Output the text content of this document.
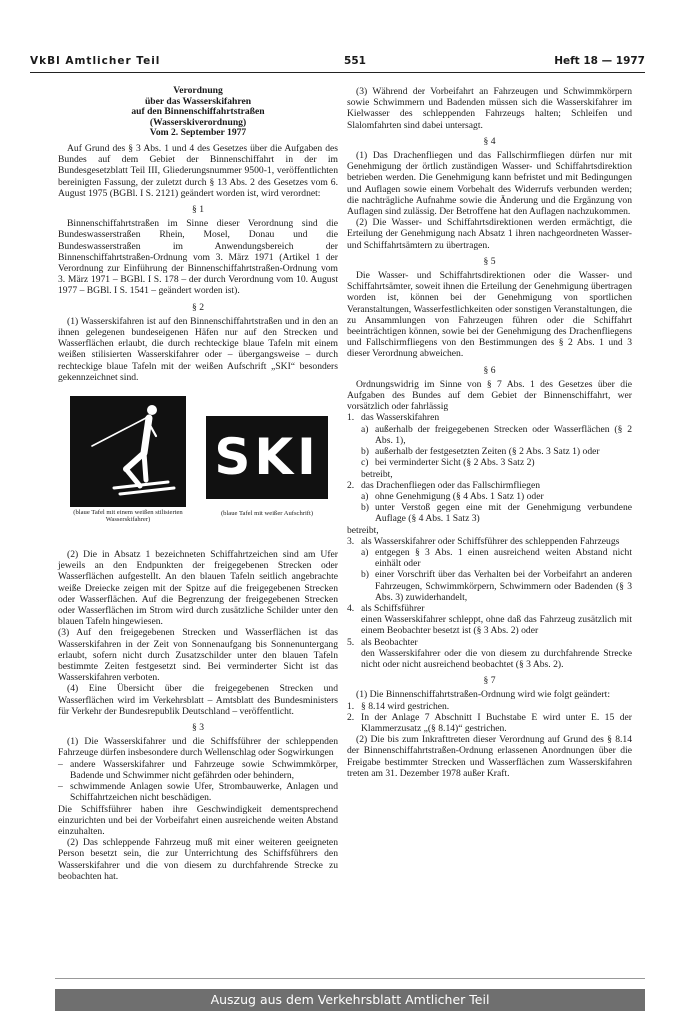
VkBl Amtlicher Teil	551	Heft 18 — 1977
Verordnung
über das Wasserskifahren
auf den Binnenschiffahrtstraßen
(Wasserskiverordnung)
Vom 2. September 1977

Auf Grund des § 3 Abs. 1 und 4 des Gesetzes über die Aufgaben des Bundes auf dem Gebiet der Binnenschiffahrt in der im Bundesgesetzblatt Teil III, Gliederungsnummer 9500-1, veröffentlichten bereinigten Fassung, der zuletzt durch § 13 Abs. 2 des Gesetzes vom 6. August 1975 (BGBl. I S. 2121) geändert worden ist, wird verordnet:

§ 1

Binnenschiffahrtstraßen im Sinne dieser Verordnung sind die Bundeswasserstraßen Rhein, Mosel, Donau und die Bundeswasserstraßen im Anwendungsbereich der Binnenschiffahrtstraßen-Ordnung vom 3. März 1971 (Artikel 1 der Verordnung zur Einführung der Binnenschiffahrtstraßen-Ordnung vom 3. März 1971 – BGBl. I S. 178 – der durch Verordnung vom 10. August 1977 – BGBl. I S. 1541 – geändert worden ist).

§ 2

(1) Wasserskifahren ist auf den Binnenschiffahrtstraßen und in den an ihnen gelegenen bundeseigenen Häfen nur auf den Strecken und Wasserflächen erlaubt, die durch rechteckige blaue Tafeln mit einem weißen stilisierten Wasserskifahrer oder – übergangsweise – durch rechteckige blaue Tafeln mit der weißen Aufschrift „SKI“ besonders gekennzeichnet sind.

(blaue Tafel mit einem weißen stilisierten Wasserskifahrer)
SKI
(blaue Tafel mit weißer Aufschrift)

(2) Die in Absatz 1 bezeichneten Schiffahrtzeichen sind am Ufer jeweils an den Endpunkten der freigegebenen Strecken oder Wasserflächen aufgestellt. An den blauen Tafeln seitlich angebrachte weiße Dreiecke zeigen mit der Spitze auf die freigegebenen Strecken oder Wasserflächen. Auf die Begrenzung der freigegebenen Strecken oder Wasserflächen im Strom wird durch zusätzliche Schilder unter den blauen Tafeln hingewiesen.

(3) Auf den freigegebenen Strecken und Wasserflächen ist das Wasserskifahren in der Zeit von Sonnenaufgang bis Sonnenuntergang erlaubt, sofern nicht durch Zusatzschilder unter den blauen Tafeln bestimmte Zeiten festgesetzt sind. Bei verminderter Sicht ist das Wasserskifahren verboten.

(4) Eine Übersicht über die freigegebenen Strecken und Wasserflächen wird im Verkehrsblatt – Amtsblatt des Bundesministers für Verkehr der Bundesrepublik Deutschland – veröffentlicht.

§ 3

(1) Die Wasserskifahrer und die Schiffsführer der schleppenden Fahrzeuge dürfen insbesondere durch Wellenschlag oder Sogwirkungen

– andere Wasserskifahrer und Fahrzeuge sowie Schwimmkörper, Badende und Schwimmer nicht gefährden oder behindern,

– schwimmende Anlagen sowie Ufer, Strombauwerke, Anlagen und Schiffahrtzeichen nicht beschädigen.

Die Schiffsführer haben ihre Geschwindigkeit dementsprechend einzurichten und bei der Vorbeifahrt einen ausreichende weiten Abstand einzuhalten.

(2) Das schleppende Fahrzeug muß mit einer weiteren geeigneten Person besetzt sein, die zur Unterrichtung des Schiffsführers den Wasserskifahrer und die von diesem zu durchfahrende Strecke zu beobachten hat.

(3) Während der Vorbeifahrt an Fahrzeugen und Schwimmkörpern sowie Schwimmern und Badenden müssen sich die Wasserskifahrer im Kielwasser des schleppenden Fahrzeugs halten; Schleifen und Slalomfahrten sind dabei untersagt.

§ 4

(1) Das Drachenfliegen und das Fallschirmfliegen dürfen nur mit Genehmigung der örtlich zuständigen Wasser- und Schiffahrtsdirektion betrieben werden. Die Genehmigung kann befristet und mit Bedingungen und Auflagen sowie einem Vorbehalt des Widerrufs verbunden werden; die nachträgliche Aufnahme sowie die Änderung und die Ergänzung von Auflagen sind zulässig. Der Betroffene hat den Auflagen nachzukommen.

(2) Die Wasser- und Schiffahrtsdirektionen werden ermächtigt, die Erteilung der Genehmigung nach Absatz 1 ihren nachgeordneten Wasser- und Schiffahrtsämtern zu übertragen.

§ 5

Die Wasser- und Schiffahrtsdirektionen oder die Wasser- und Schiffahrtsämter, soweit ihnen die Erteilung der Genehmigung übertragen worden ist, können bei der Genehmigung von sportlichen Veranstaltungen, Wasserfestlichkeiten oder sonstigen Veranstaltungen, die zu Ansammlungen von Fahrzeugen führen oder die Schiffahrt beeinträchtigen können, sowie bei der Genehmigung des Drachenfliegens und Fallschirmfliegens von den Bestimmungen des § 2 Abs. 1 und 3 dieser Verordnung abweichen.

§ 6

Ordnungswidrig im Sinne von § 7 Abs. 1 des Gesetzes über die Aufgaben des Bundes auf dem Gebiet der Binnenschiffahrt, wer vorsätzlich oder fahrlässig

1. das Wasserskifahren

a) außerhalb der freigegebenen Strecken oder Wasserflächen (§ 2 Abs. 1),

b) außerhalb der festgesetzten Zeiten (§ 2 Abs. 3 Satz 1) oder

c) bei verminderter Sicht (§ 2 Abs. 3 Satz 2)

betreibt,

2. das Drachenfliegen oder das Fallschirmfliegen

a) ohne Genehmigung (§ 4 Abs. 1 Satz 1) oder

b) unter Verstoß gegen eine mit der Genehmigung verbundene Auflage (§ 4 Abs. 1 Satz 3)

betreibt,

3. als Wasserskifahrer oder Schiffsführer des schleppenden Fahrzeugs

a) entgegen § 3 Abs. 1 einen ausreichend weiten Abstand nicht einhält oder

b) einer Vorschrift über das Verhalten bei der Vorbeifahrt an anderen Fahrzeugen, Schwimmkörpern, Schwimmern oder Badenden (§ 3 Abs. 3) zuwiderhandelt,

4. als Schiffsführer

einen Wasserskifahrer schleppt, ohne daß das Fahrzeug zusätzlich mit einem Beobachter besetzt ist (§ 3 Abs. 2) oder

5. als Beobachter

den Wasserskifahrer oder die von diesem zu durchfahrende Strecke nicht oder nicht ausreichend beobachtet (§ 3 Abs. 2).

§ 7

(1) Die Binnenschiffahrtstraßen-Ordnung wird wie folgt geändert:

1. § 8.14 wird gestrichen.

2. In der Anlage 7 Abschnitt I Buchstabe E wird unter E. 15 der Klammerzusatz „(§ 8.14)“ gestrichen.

(2) Die bis zum Inkrafttreten dieser Verordnung auf Grund des § 8.14 der Binnenschiffahrtstraßen-Ordnung erlassenen Anordnungen über die Freigabe bestimmter Strecken und Wasserflächen zum Wasserskifahren treten am 31. Dezember 1978 außer Kraft.

Auszug aus dem Verkehrsblatt Amtlicher Teil
